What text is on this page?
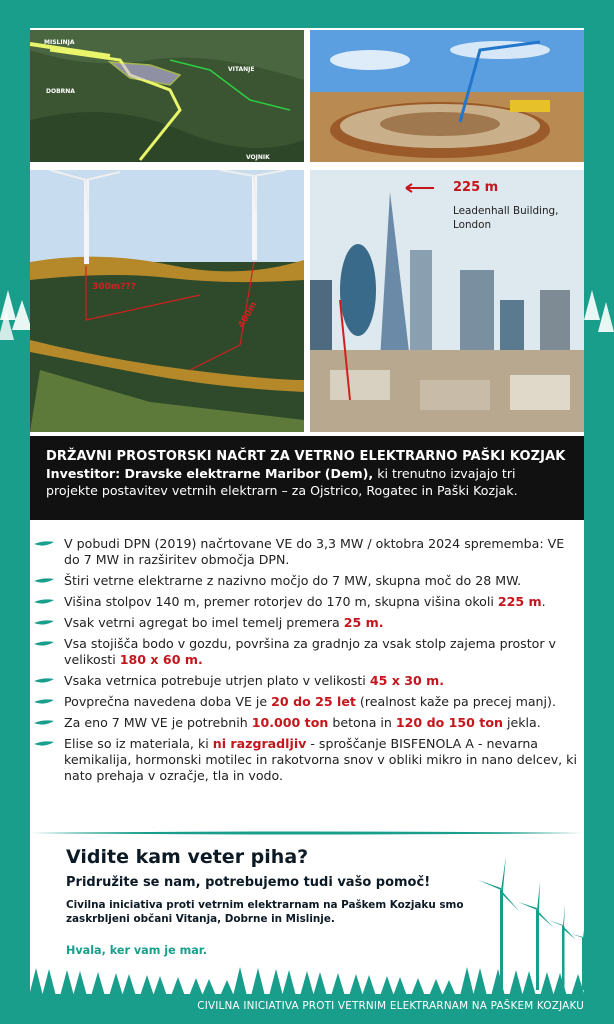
MISLINJA
VITANJE
DOBRNA
VOJNIK
300m???
400m
225 m
Leadenhall Building,
London
DRŽAVNI PROSTORSKI NAČRT ZA VETRNO ELEKTRARNO PAŠKI KOZJAK
Investitor: Dravske elektrarne Maribor (Dem), ki trenutno izvajajo tri projekte postavitev vetrnih elektrarn – za Ojstrico, Rogatec in Paški Kozjak.
V pobudi DPN (2019) načrtovane VE do 3,3 MW / oktobra 2024 sprememba: VE do 7 MW in razširitev območja DPN.
Štiri vetrne elektrarne z nazivno močjo do 7 MW, skupna moč do 28 MW.
Višina stolpov 140 m, premer rotorjev do 170 m, skupna višina okoli 225 m.
Vsak vetrni agregat bo imel temelj premera 25 m.
Vsa stojišča bodo v gozdu, površina za gradnjo za vsak stolp zajema prostor v velikosti 180 x 60 m.
Vsaka vetrnica potrebuje utrjen plato v velikosti 45 x 30 m.
Povprečna navedena doba VE je 20 do 25 let (realnost kaže pa precej manj).
Za eno 7 MW VE je potrebnih 10.000 ton betona in 120 do 150 ton jekla.
Elise so iz materiala, ki ni razgradljiv - sproščanje BISFENOLA A - nevarna kemikalija, hormonski motilec in rakotvorna snov v obliki mikro in nano delcev, ki nato prehaja v ozračje, tla in vodo.
Vidite kam veter piha?
Pridružite se nam, potrebujemo tudi vašo pomoč!
Civilna iniciativa proti vetrnim elektrarnam na Paškem Kozjaku smo zaskrbljeni občani Vitanja, Dobrne in Mislinje.
Hvala, ker vam je mar.
CIVILNA INICIATIVA PROTI VETRNIM ELEKTRARNAM NA PAŠKEM KOZJAKU
